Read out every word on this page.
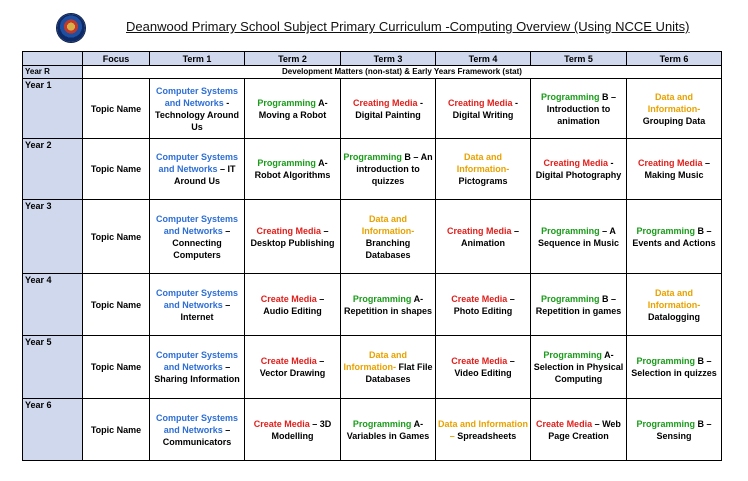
Deanwood Primary School Subject Primary Curriculum -Computing Overview (Using NCCE Units)
	Focus	Term 1	Term 2	Term 3	Term 4	Term 5	Term 6
Year R	Development Matters (non-stat) & Early Years Framework (stat)						
Year 1	Topic Name	Computer Systems and Networks - Technology Around Us	Programming A- Moving a Robot	Creating Media - Digital Painting	Creating Media - Digital Writing	Programming B – Introduction to animation	Data and Information- Grouping Data
Year 2	Topic Name	Computer Systems and Networks – IT Around Us	Programming A- Robot Algorithms	Programming B – An introduction to quizzes	Data and Information- Pictograms	Creating Media - Digital Photography	Creating Media – Making Music
Year 3	Topic Name	Computer Systems and Networks – Connecting Computers	Creating Media – Desktop Publishing	Data and Information- Branching Databases	Creating Media – Animation	Programming – A Sequence in Music	Programming B – Events and Actions
Year 4	Topic Name	Computer Systems and Networks – Internet	Create Media – Audio Editing	Programming A- Repetition in shapes	Create Media – Photo Editing	Programming B – Repetition in games	Data and Information- Datalogging
Year 5	Topic Name	Computer Systems and Networks – Sharing Information	Create Media – Vector Drawing	Data and Information- Flat File Databases	Create Media – Video Editing	Programming A- Selection in Physical Computing	Programming B – Selection in quizzes
Year 6	Topic Name	Computer Systems and Networks – Communicators	Create Media – 3D Modelling	Programming A- Variables in Games	Data and Information – Spreadsheets	Create Media – Web Page Creation	Programming B – Sensing
